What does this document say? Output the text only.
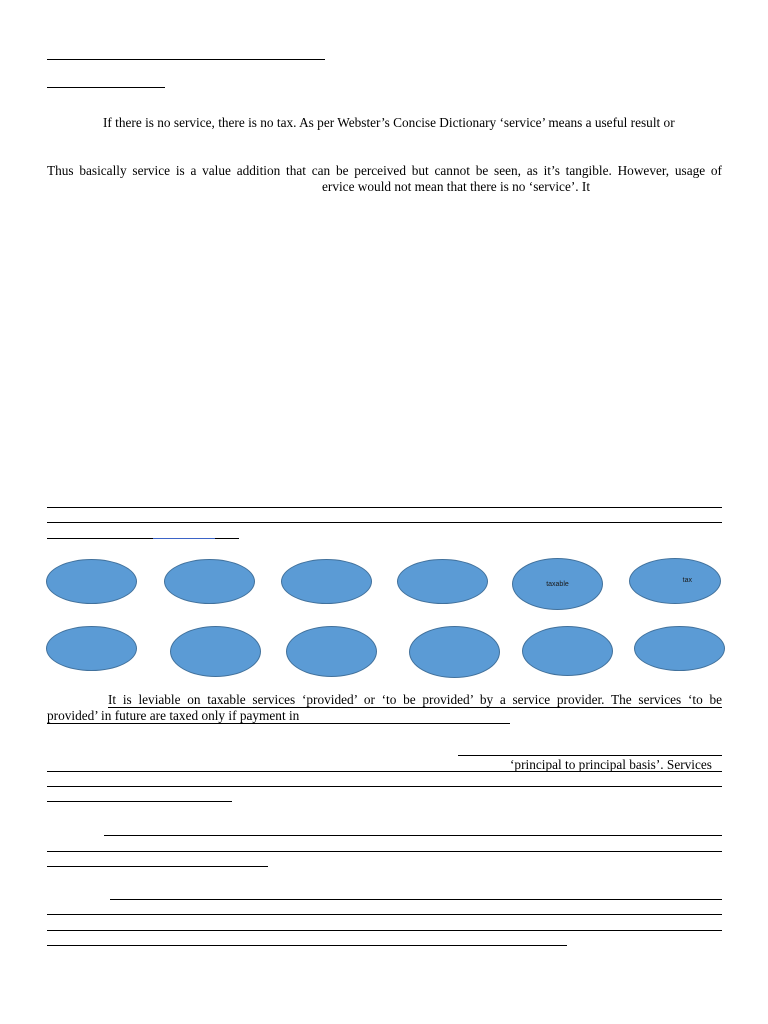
If there is no service, there is no tax. As per Webster’s Concise Dictionary ‘service’ means a useful result or
Thus basically service is a value addition that can be perceived but cannot be seen, as it’s tangible. However, usage of
ervice would not mean that there is no ‘service’. It
taxable
tax
It is leviable on taxable services ‘provided’ or ‘to be provided’ by a service provider. The services ‘to be
provided’ in future are taxed only if payment in
‘principal to principal basis’. Services
